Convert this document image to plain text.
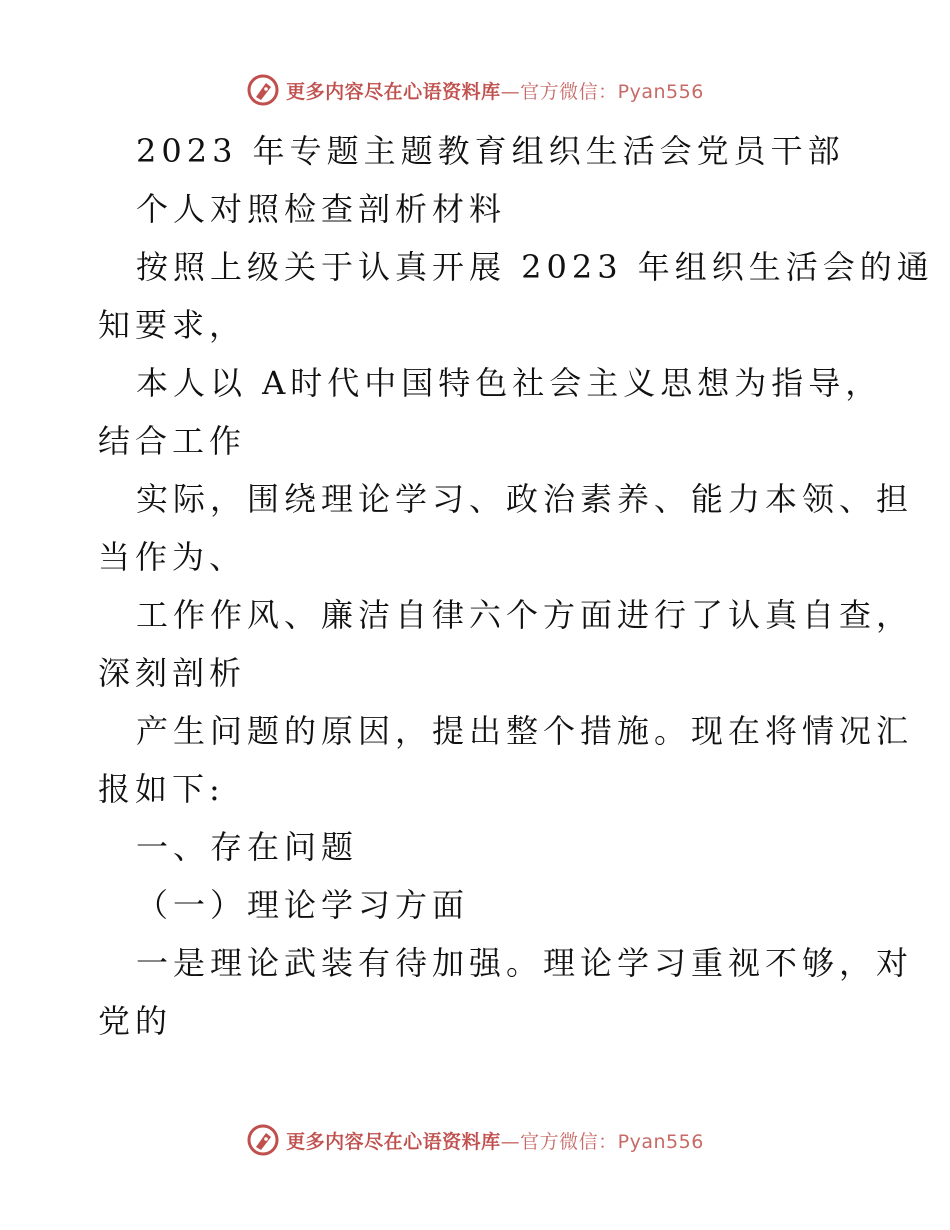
更多内容尽在心语资料库—官方微信：Pyan556
2023 年专题主题教育组织生活会党员干部
个人对照检查剖析材料
按照上级关于认真开展 2023 年组织生活会的通
知要求，
本人以 A时代中国特色社会主义思想为指导，
结合工作
实际，围绕理论学习、政治素养、能力本领、担
当作为、
工作作风、廉洁自律六个方面进行了认真自查，
深刻剖析
产生问题的原因，提出整个措施。现在将情况汇
报如下:
一、存在问题
（一）理论学习方面
一是理论武装有待加强。理论学习重视不够，对
党的
更多内容尽在心语资料库—官方微信：Pyan556
